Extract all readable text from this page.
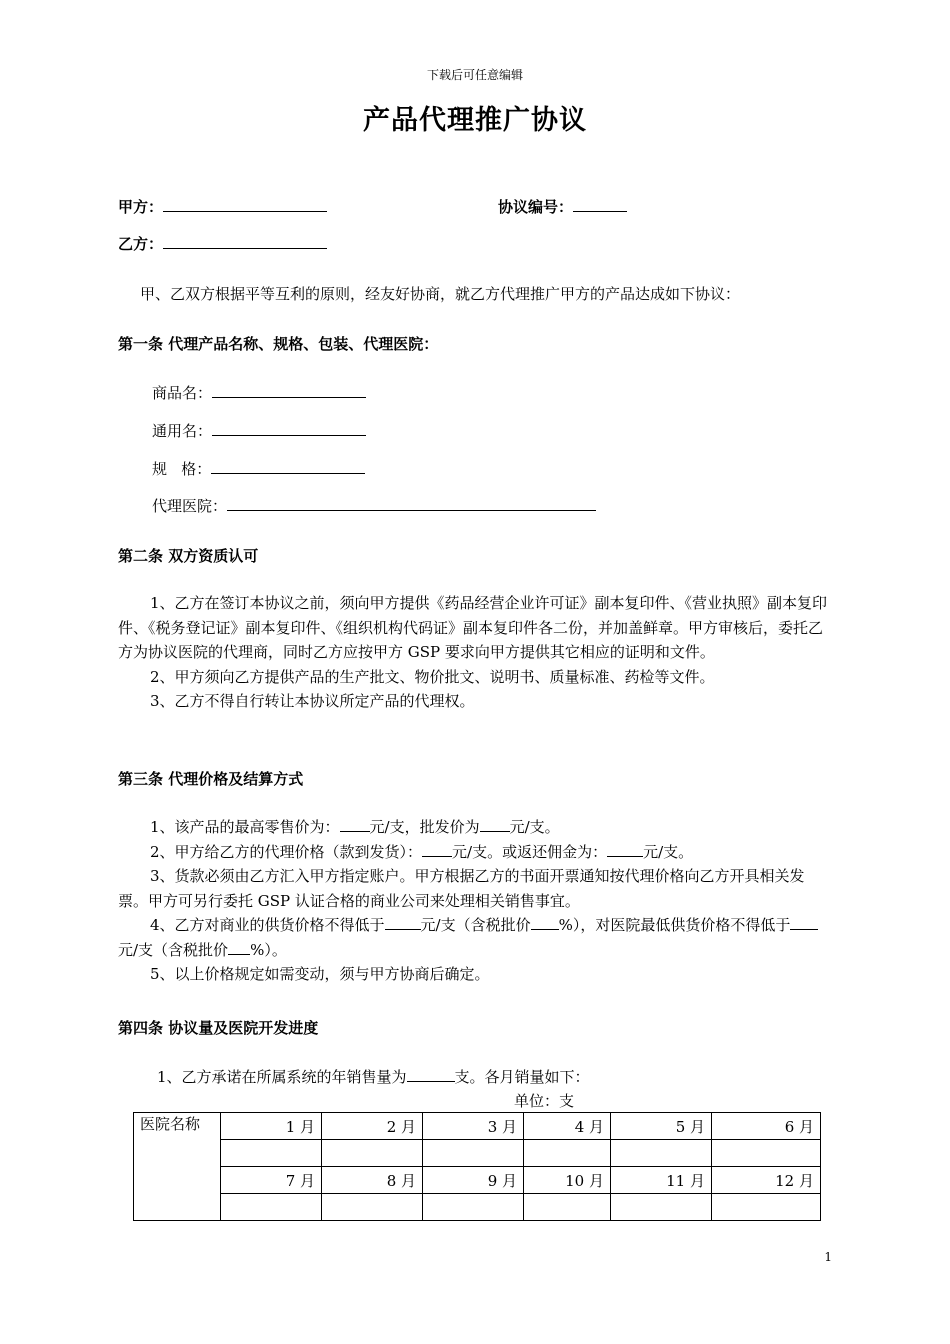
下载后可任意编辑
产品代理推广协议
甲方：	协议编号：
乙方：
甲、乙双方根据平等互利的原则，经友好协商，就乙方代理推广甲方的产品达成如下协议：
第一条 代理产品名称、规格、包装、代理医院：
商品名：
通用名：
规   格：
代理医院：
第二条 双方资质认可

1、乙方在签订本协议之前，须向甲方提供《药品经营企业许可证》副本复印件、《营业执照》副本复印件、《税务登记证》副本复印件、《组织机构代码证》副本复印件各二份，并加盖鲜章。甲方审核后，委托乙方为协议医院的代理商，同时乙方应按甲方 GSP 要求向甲方提供其它相应的证明和文件。

2、甲方须向乙方提供产品的生产批文、物价批文、说明书、质量标准、药检等文件。

3、乙方不得自行转让本协议所定产品的代理权。

第三条 代理价格及结算方式

1、该产品的最高零售价为： 元/支，批发价为 元/支。

2、甲方给乙方的代理价格（款到发货）： 元/支。或返还佣金为： 元/支。

3、货款必须由乙方汇入甲方指定账户。甲方根据乙方的书面开票通知按代理价格向乙方开具相关发票。甲方可另行委托 GSP 认证合格的商业公司来处理相关销售事宜。

4、乙方对商业的供货价格不得低于 元/支（含税批价 %），对医院最低供货价格不得低于元/支（含税批价 %）。

5、以上价格规定如需变动，须与甲方协商后确定。

第四条 协议量及医院开发进度
1、乙方承诺在所属系统的年销售量为	支。各月销量如下：
单位：支
医院名称	1 月	2 月	3 月	4 月	5 月	6 月

	7 月	8 月	9 月	10 月	11 月	12 月

1
